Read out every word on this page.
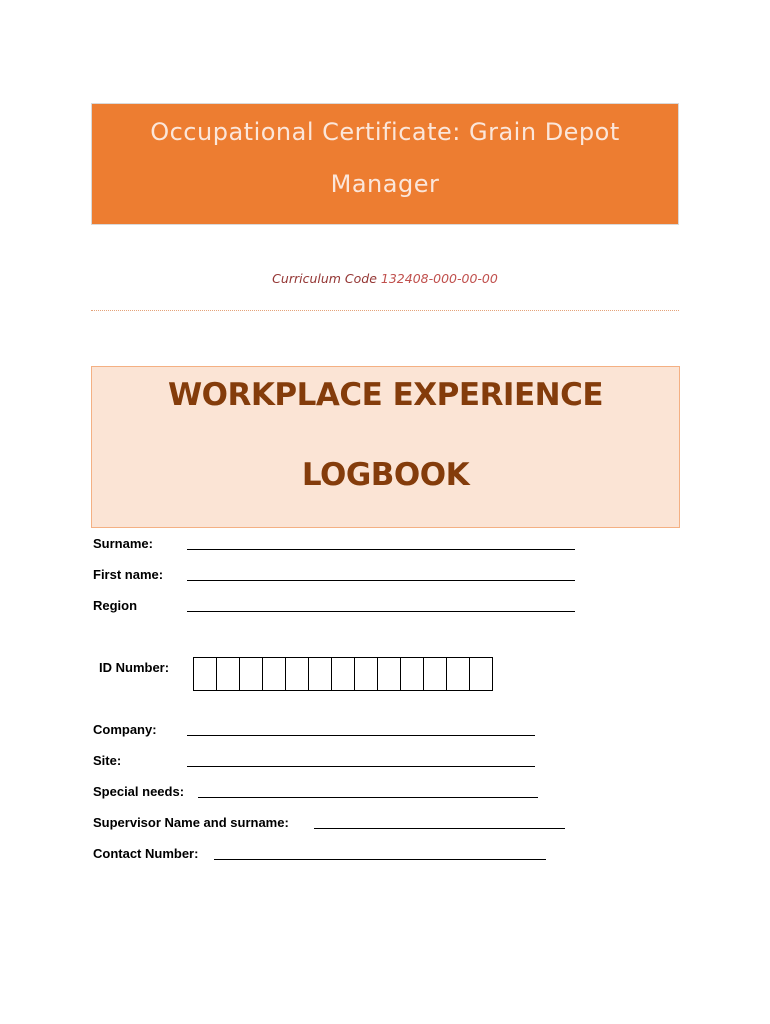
Occupational Certificate: Grain Depot
Manager
Curriculum Code 132408-000-00-00
WORKPLACE EXPERIENCE
LOGBOOK
Surname:
First name:
Region
ID Number:
Company:
Site:
Special needs:
Supervisor Name and surname:
Contact Number:
